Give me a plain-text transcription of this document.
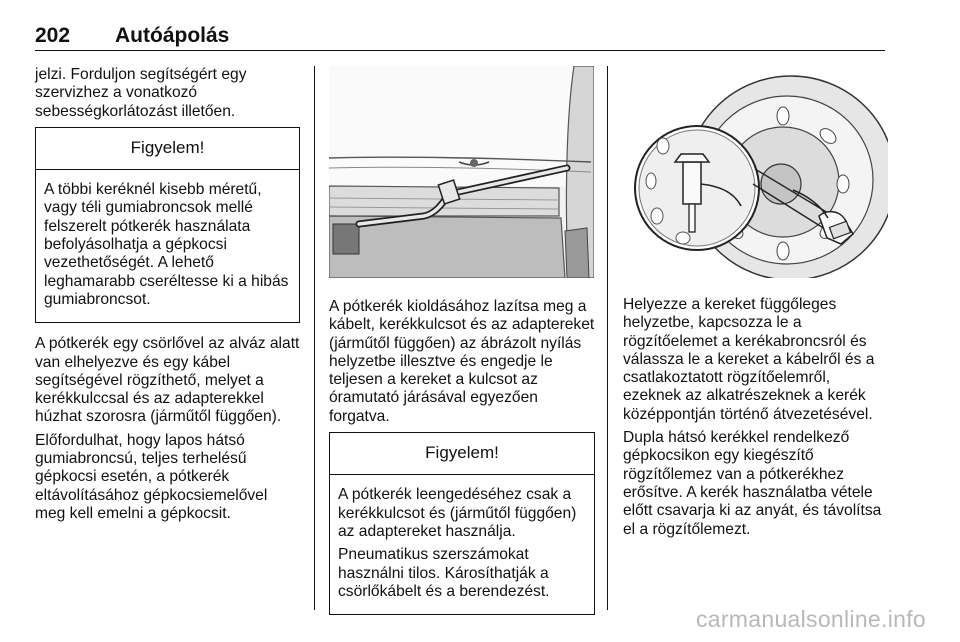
202 Autóápolás

jelzi. Forduljon segítségért egy szervizhez a vonatkozó sebességkorlátozást illetően.

Figyelem!

A többi keréknél kisebb méretű, vagy téli gumiabroncsok mellé felszerelt pótkerék használata befolyásolhatja a gépkocsi vezethetőségét. A lehető leghamarabb cseréltesse ki a hibás gumiabroncsot.

A pótkerék egy csörlővel az alváz alatt van elhelyezve és egy kábel segítségével rögzíthető, melyet a kerékkulccsal és az adapterekkel húzhat szorosra (járműtől függően).

Előfordulhat, hogy lapos hátsó gumiabroncsú, teljes terhelésű gépkocsi esetén, a pótkerék eltávolításához gépkocsiemelővel meg kell emelni a gépkocsit.

A pótkerék kioldásához lazítsa meg a kábelt, kerékkulcsot és az adaptereket (járműtől függően) az ábrázolt nyílás helyzetbe illesztve és engedje le teljesen a kereket a kulcsot az óramutató járásával egyezően forgatva.

Figyelem!

A pótkerék leengedéséhez csak a kerékkulcsot és (járműtől függően) az adaptereket használja.

Pneumatikus szerszámokat használni tilos. Károsíthatják a csörlőkábelt és a berendezést.

Helyezze a kereket függőleges helyzetbe, kapcsozza le a rögzítőelemet a kerékabroncsról és válassza le a kereket a kábelről és a csatlakoztatott rögzítőelemről, ezeknek az alkatrészeknek a kerék középpontján történő átvezetésével.

Dupla hátsó kerékkel rendelkező gépkocsikon egy kiegészítő rögzítőlemez van a pótkerékhez erősítve. A kerék használatba vétele előtt csavarja ki az anyát, és távolítsa el a rögzítőlemezt.

carmanualsonline.info
